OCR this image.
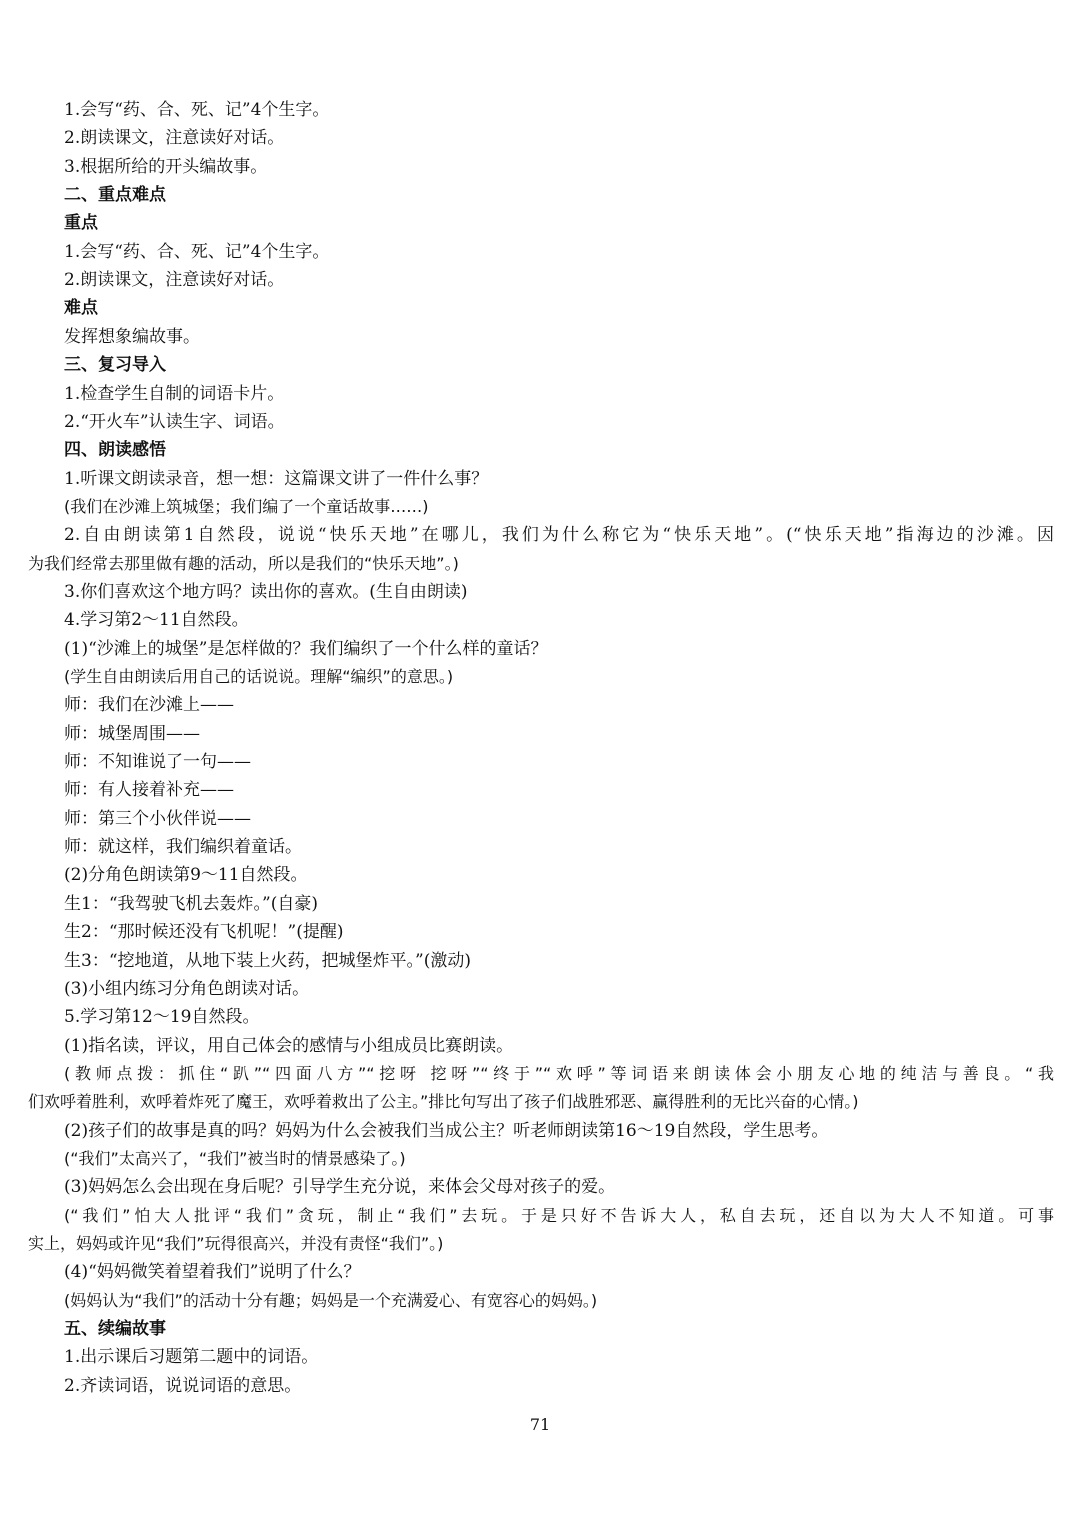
1.会写“药、合、死、记”4个生字。
2.朗读课文，注意读好对话。
3.根据所给的开头编故事。
二、重点难点
重点
1.会写“药、合、死、记”4个生字。
2.朗读课文，注意读好对话。
难点
发挥想象编故事。
三、复习导入
1.检查学生自制的词语卡片。
2.“开火车”认读生字、词语。
四、朗读感悟
1.听课文朗读录音，想一想：这篇课文讲了一件什么事？
(我们在沙滩上筑城堡；我们编了一个童话故事……)
2.自由朗读第1自然段，说说“快乐天地”在哪儿，我们为什么称它为“快乐天地”。(“快乐天地”指海边的沙滩。因
为我们经常去那里做有趣的活动，所以是我们的“快乐天地”。)
3.你们喜欢这个地方吗？读出你的喜欢。(生自由朗读)
4.学习第2～11自然段。
(1)“沙滩上的城堡”是怎样做的？我们编织了一个什么样的童话？
(学生自由朗读后用自己的话说说。理解“编织”的意思。)
师：我们在沙滩上——
师：城堡周围——
师：不知谁说了一句——
师：有人接着补充——
师：第三个小伙伴说——
师：就这样，我们编织着童话。
(2)分角色朗读第9～11自然段。
生1：“我驾驶飞机去轰炸。”(自豪)
生2：“那时候还没有飞机呢！”(提醒)
生3：“挖地道，从地下装上火药，把城堡炸平。”(激动)
(3)小组内练习分角色朗读对话。
5.学习第12～19自然段。
(1)指名读，评议，用自己体会的感情与小组成员比赛朗读。
(教师点拨：抓住“趴”“四面八方”“挖呀 挖呀”“终于”“欢呼”等词语来朗读体会小朋友心地的纯洁与善良。“我
们欢呼着胜利，欢呼着炸死了魔王，欢呼着救出了公主。”排比句写出了孩子们战胜邪恶、赢得胜利的无比兴奋的心情。)
(2)孩子们的故事是真的吗？妈妈为什么会被我们当成公主？听老师朗读第16～19自然段，学生思考。
(“我们”太高兴了，“我们”被当时的情景感染了。)
(3)妈妈怎么会出现在身后呢？引导学生充分说，来体会父母对孩子的爱。
(“我们”怕大人批评“我们”贪玩，制止“我们”去玩。于是只好不告诉大人，私自去玩，还自以为大人不知道。可事
实上，妈妈或许见“我们”玩得很高兴，并没有责怪“我们”。)
(4)“妈妈微笑着望着我们”说明了什么？
(妈妈认为“我们”的活动十分有趣；妈妈是一个充满爱心、有宽容心的妈妈。)
五、续编故事
1.出示课后习题第二题中的词语。
2.齐读词语，说说词语的意思。
71
